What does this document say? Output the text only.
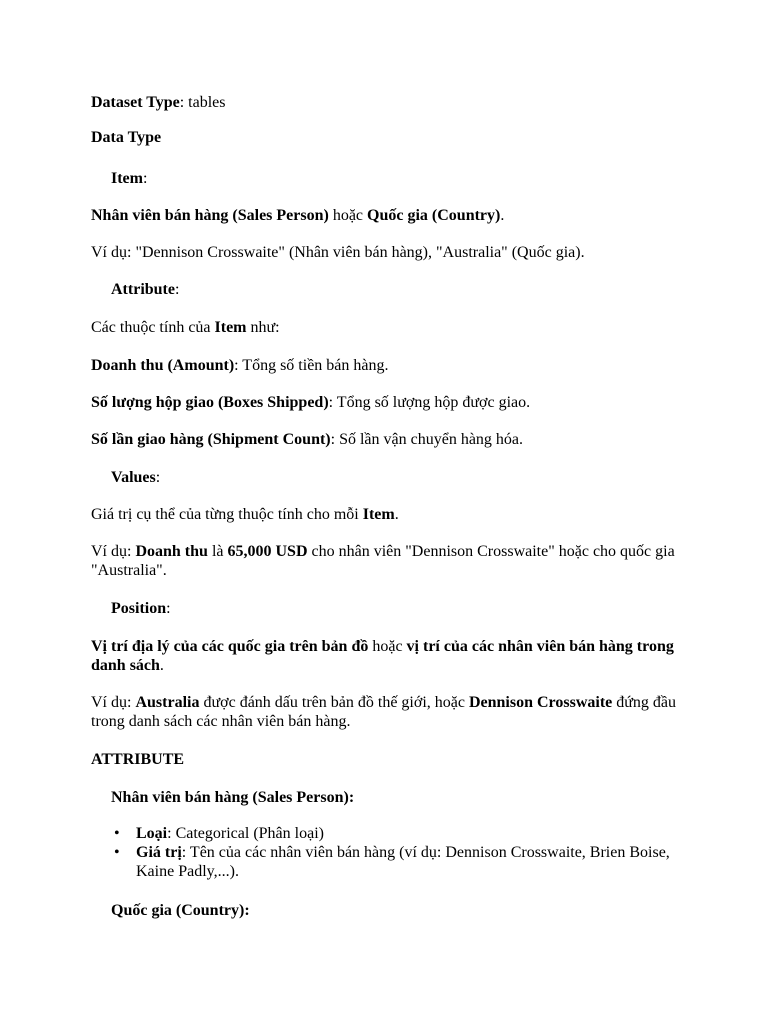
Dataset Type: tables

Data Type

Item:

Nhân viên bán hàng (Sales Person) hoặc Quốc gia (Country).

Ví dụ: "Dennison Crosswaite" (Nhân viên bán hàng), "Australia" (Quốc gia).

Attribute:

Các thuộc tính của Item như:

Doanh thu (Amount): Tổng số tiền bán hàng.

Số lượng hộp giao (Boxes Shipped): Tổng số lượng hộp được giao.

Số lần giao hàng (Shipment Count): Số lần vận chuyển hàng hóa.

Values:

Giá trị cụ thể của từng thuộc tính cho mỗi Item.

Ví dụ: Doanh thu là 65,000 USD cho nhân viên "Dennison Crosswaite" hoặc cho quốc gia "Australia".

Position:

Vị trí địa lý của các quốc gia trên bản đồ hoặc vị trí của các nhân viên bán hàng trong danh sách.

Ví dụ: Australia được đánh dấu trên bản đồ thế giới, hoặc Dennison Crosswaite đứng đầu trong danh sách các nhân viên bán hàng.

ATTRIBUTE

Nhân viên bán hàng (Sales Person):

• Loại: Categorical (Phân loại)
• Giá trị: Tên của các nhân viên bán hàng (ví dụ: Dennison Crosswaite, Brien Boise, Kaine Padly,...).

Quốc gia (Country):
